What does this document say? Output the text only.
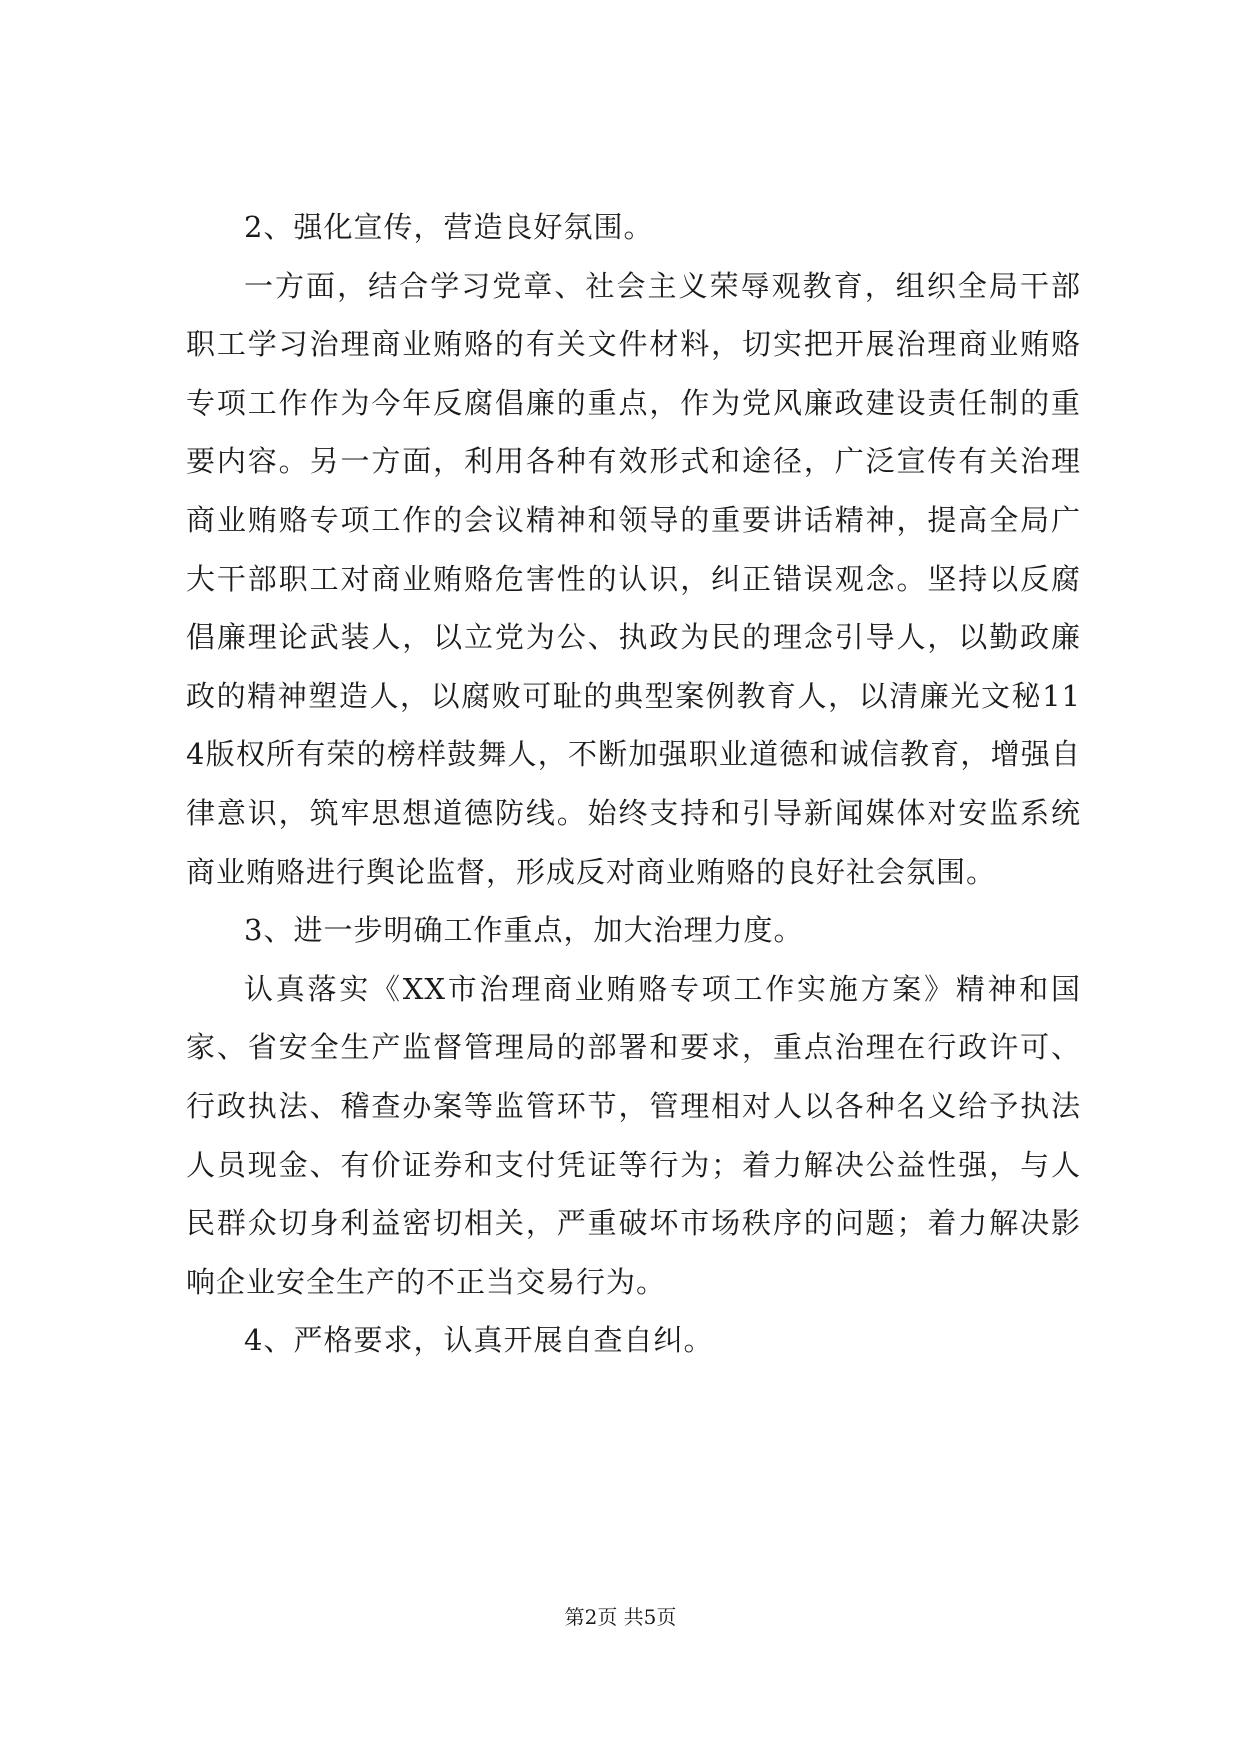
2、强化宣传，营造良好氛围。

一方面，结合学习党章、社会主义荣辱观教育，组织全局干部职工学习治理商业贿赂的有关文件材料，切实把开展治理商业贿赂专项工作作为今年反腐倡廉的重点，作为党风廉政建设责任制的重要内容。另一方面，利用各种有效形式和途径，广泛宣传有关治理商业贿赂专项工作的会议精神和领导的重要讲话精神，提高全局广大干部职工对商业贿赂危害性的认识，纠正错误观念。坚持以反腐倡廉理论武装人，以立党为公、执政为民的理念引导人，以勤政廉政的精神塑造人，以腐败可耻的典型案例教育人，以清廉光文秘114版权所有荣的榜样鼓舞人，不断加强职业道德和诚信教育，增强自律意识，筑牢思想道德防线。始终支持和引导新闻媒体对安监系统商业贿赂进行舆论监督，形成反对商业贿赂的良好社会氛围。

3、进一步明确工作重点，加大治理力度。

认真落实《XX市治理商业贿赂专项工作实施方案》精神和国家、省安全生产监督管理局的部署和要求，重点治理在行政许可、行政执法、稽查办案等监管环节，管理相对人以各种名义给予执法人员现金、有价证券和支付凭证等行为；着力解决公益性强，与人民群众切身利益密切相关，严重破坏市场秩序的问题；着力解决影响企业安全生产的不正当交易行为。

4、严格要求，认真开展自查自纠。

第2页 共5页
